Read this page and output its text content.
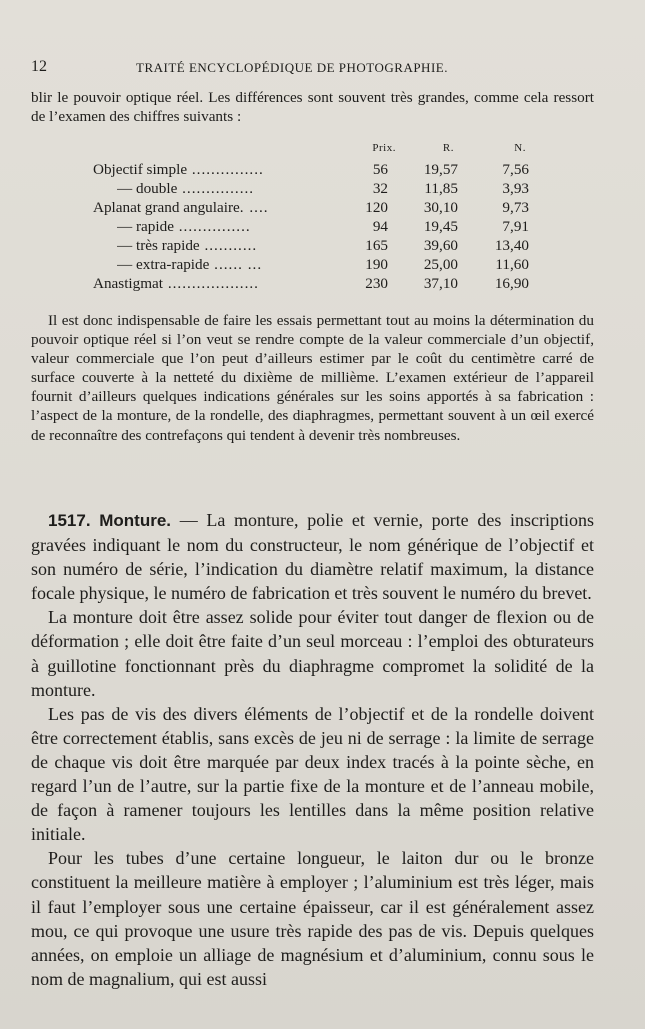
12	TRAITÉ ENCYCLOPÉDIQUE DE PHOTOGRAPHIE.

blir le pouvoir optique réel. Les différences sont souvent très grandes, comme cela ressort de l’examen des chiffres suivants :

Prix.	R.	N.
Objectif simple ...............	56	19,57	7,56
— double ...............	32	11,85	3,93
Aplanat grand angulaire. ....	120	30,10	9,73
— rapide ...............	94	19,45	7,91
— très rapide ...........	165	39,60	13,40
— extra-rapide ...... ...	190	25,00	11,60
Anastigmat ...................	230	37,10	16,90

Il est donc indispensable de faire les essais permettant tout au moins la détermination du pouvoir optique réel si l’on veut se rendre compte de la valeur commerciale d’un objectif, valeur commerciale que l’on peut d’ailleurs estimer par le coût du centimètre carré de surface couverte à la netteté du dixième de millième. L’examen extérieur de l’appareil fournit d’ailleurs quelques indications générales sur les soins apportés à sa fabrication : l’aspect de la monture, de la rondelle, des diaphragmes, permettant souvent à un œil exercé de reconnaître des contrefaçons qui tendent à devenir très nombreuses.

1517. Monture. — La monture, polie et vernie, porte des inscriptions gravées indiquant le nom du constructeur, le nom générique de l’objectif et son numéro de série, l’indication du diamètre relatif maximum, la distance focale physique, le numéro de fabrication et très souvent le numéro du brevet.

La monture doit être assez solide pour éviter tout danger de flexion ou de déformation ; elle doit être faite d’un seul morceau : l’emploi des obturateurs à guillotine fonctionnant près du diaphragme compromet la solidité de la monture.

Les pas de vis des divers éléments de l’objectif et de la rondelle doivent être correctement établis, sans excès de jeu ni de serrage : la limite de serrage de chaque vis doit être marquée par deux index tracés à la pointe sèche, en regard l’un de l’autre, sur la partie fixe de la monture et de l’anneau mobile, de façon à ramener toujours les lentilles dans la même position relative initiale.

Pour les tubes d’une certaine longueur, le laiton dur ou le bronze constituent la meilleure matière à employer ; l’aluminium est très léger, mais il faut l’employer sous une certaine épaisseur, car il est généralement assez mou, ce qui provoque une usure très rapide des pas de vis. Depuis quelques années, on emploie un alliage de magnésium et d’aluminium, connu sous le nom de magnalium, qui est aussi
